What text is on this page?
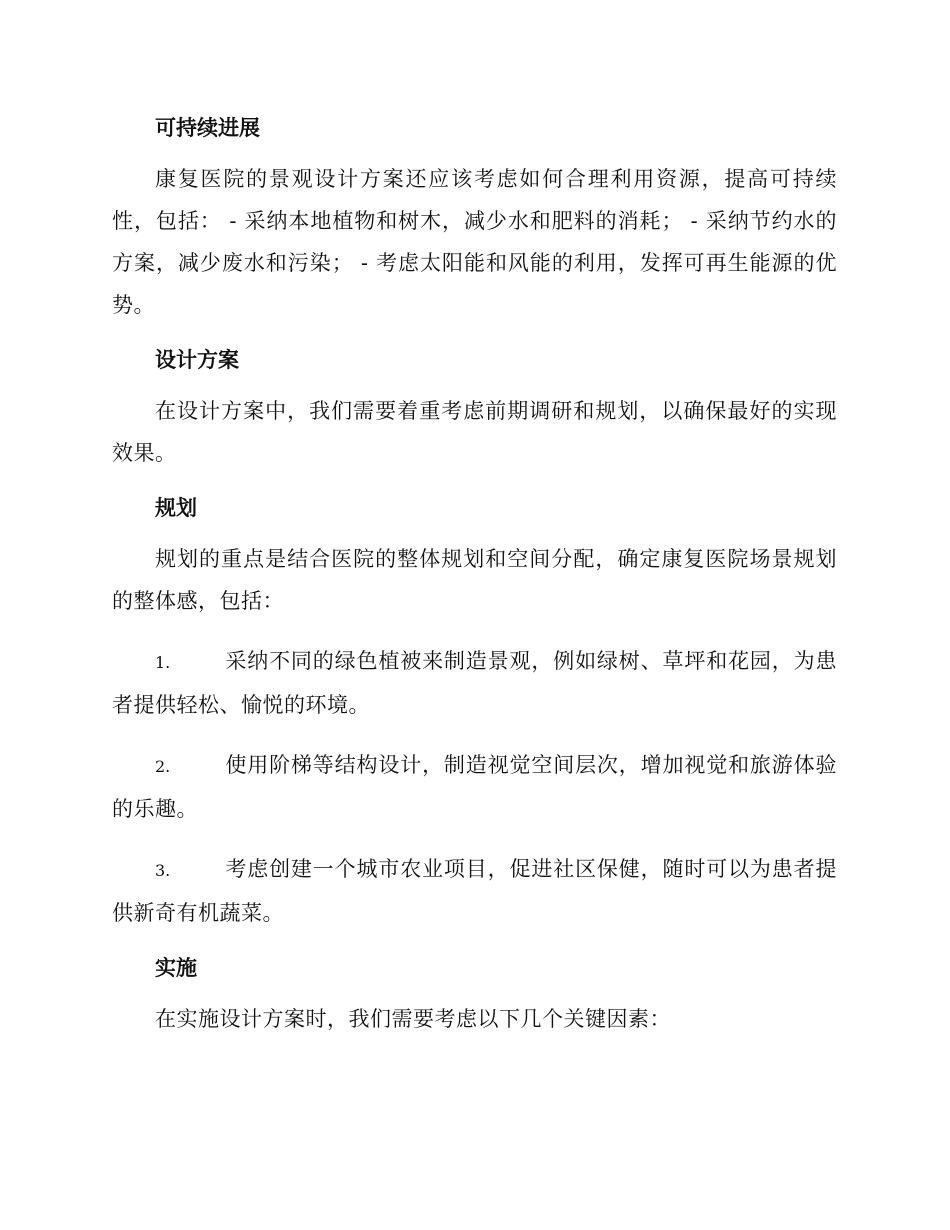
可持续进展

康复医院的景观设计方案还应该考虑如何合理利用资源，提高可持续性，包括： - 采纳本地植物和树木，减少水和肥料的消耗； - 采纳节约水的方案，减少废水和污染； - 考虑太阳能和风能的利用，发挥可再生能源的优势。

设计方案

在设计方案中，我们需要着重考虑前期调研和规划，以确保最好的实现效果。

规划

规划的重点是结合医院的整体规划和空间分配，确定康复医院场景规划的整体感，包括：

1.	采纳不同的绿色植被来制造景观，例如绿树、草坪和花园，为患者提供轻松、愉悦的环境。

2.	使用阶梯等结构设计，制造视觉空间层次，增加视觉和旅游体验的乐趣。

3.	考虑创建一个城市农业项目，促进社区保健，随时可以为患者提供新奇有机蔬菜。

实施

在实施设计方案时，我们需要考虑以下几个关键因素：
